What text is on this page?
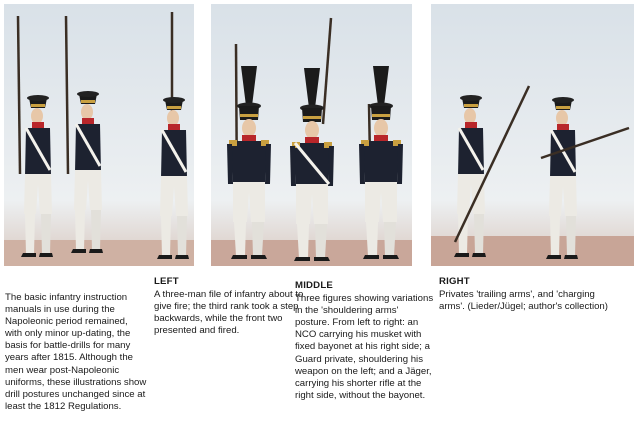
The basic infantry instruction manuals in use during the Napoleonic period remained, with only minor up-dating, the basis for battle-drills for many years after 1815. Although the men wear post-Napoleonic uniforms, these illustrations show drill postures unchanged since at least the 1812 Regulations.

LEFT
A three-man file of infantry about to give fire; the third rank took a step backwards, while the front two presented and fired.
MIDDLE
Three figures showing variations in the 'shouldering arms' posture. From left to right: an NCO carrying his musket with fixed bayonet at his right side; a Guard private, shouldering his weapon on the left; and a Jäger, carrying his shorter rifle at the right side, without the bayonet.
RIGHT
Privates 'trailing arms', and 'charging arms'. (Lieder/Jügel; author's collection)
